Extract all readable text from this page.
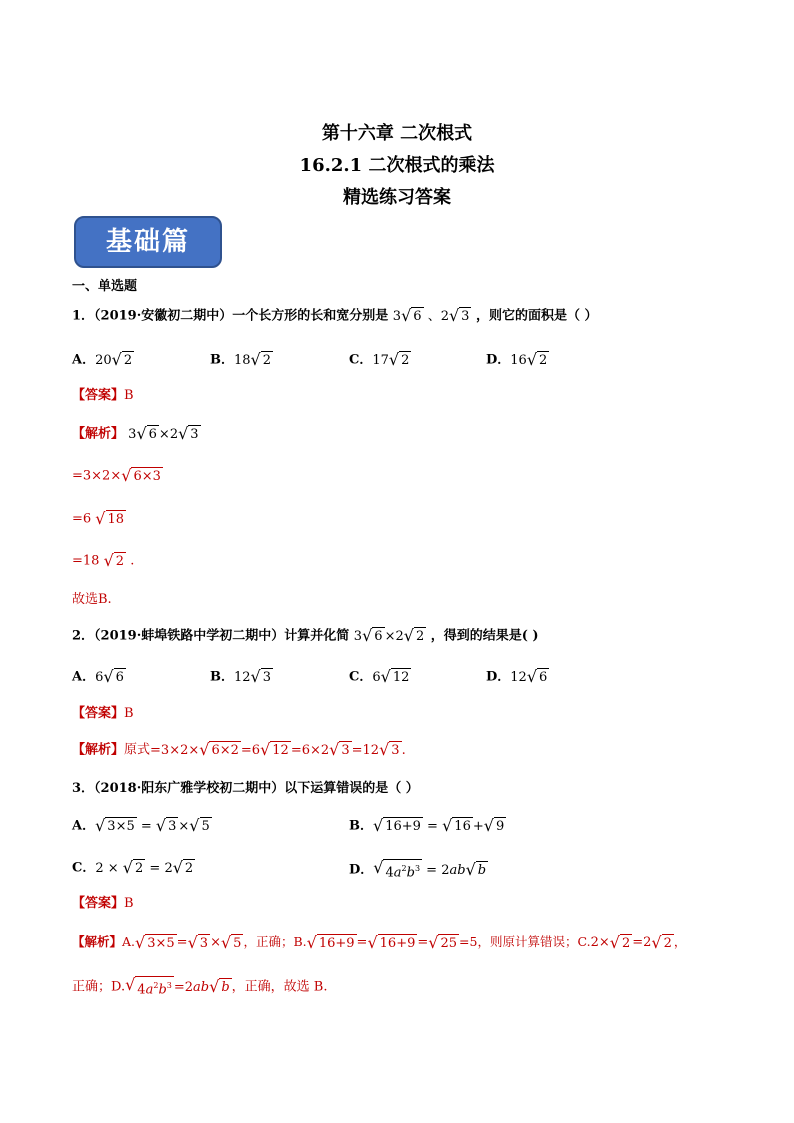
第十六章 二次根式
16.2.1 二次根式的乘法
精选练习答案
基础篇
一、单选题
1．（2019·安徽初二期中）一个长方形的长和宽分别是 3 √ 6 、2 √ 3 ，则它的面积是（ ）
A．20 √ 2	B．18 √ 2	C．17 √ 2	D．16 √ 2
【答案】B
【解析】 3 √ 6 ×2 √ 3
=3×2× √ 6×3
=6 √ 18
=18 √ 2 .
故选B.
2．（2019·蚌埠铁路中学初二期中）计算并化简 3 √ 6 ×2 √ 2 ，得到的结果是( )
A．6 √ 6	B．12 √ 3	C．6 √ 12	D．12 √ 6
【答案】B
【解析】原式=3×2× √ 6×2 =6 √ 12 =6×2 √ 3 =12 √ 3 .
3．（2018·阳东广雅学校初二期中）以下运算错误的是（ ）
A． √ 3×5 = √ 3 × √ 5	B． √ 16+9 = √ 16 + √ 9
C．2 × √ 2 = 2 √ 2	D． √ $4a^2b^3 = 2ab$ √ b
【答案】B
【解析】A. √ 3×5 = √ 3 × √ 5 ，正确；B. √ 16+9 = √ 16+9 = √ 25 =5，则原计算错误；C.2× √ 2 =2 √ 2 ，
正确；D. √ $4a^2b^3 =2ab$ √ b ，正确，故选 B.
